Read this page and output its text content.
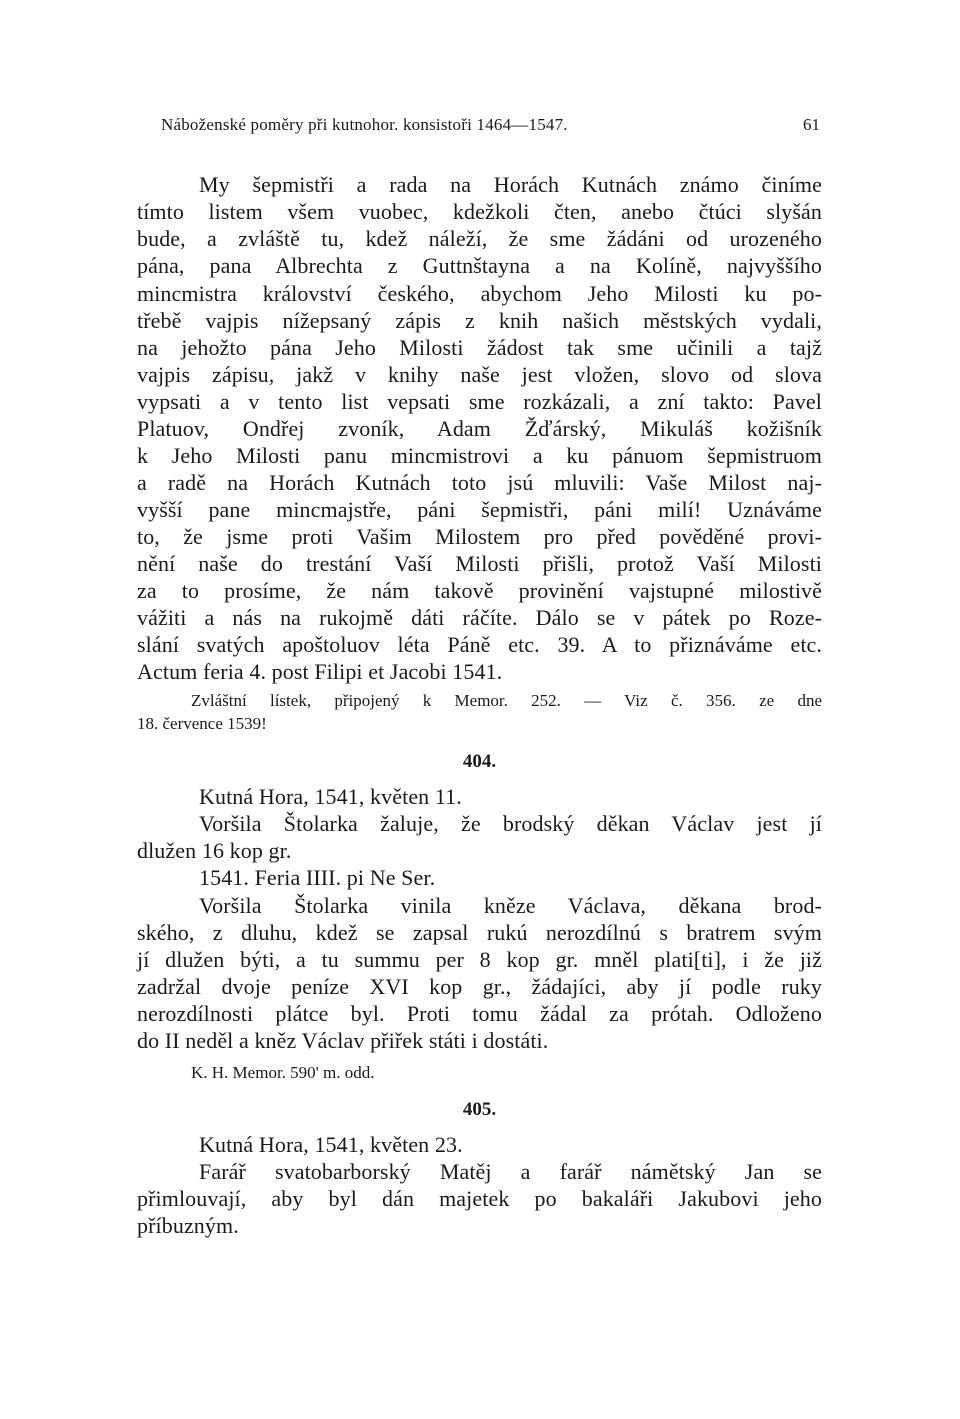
Náboženské poměry při kutnohor. konsistoři 1464—1547.	61
My šepmistři a rada na Horách Kutnách známo činíme
tímto listem všem vuobec, kdežkoli čten, anebo čtúci slyšán
bude, a zvláště tu, kdež náleží, že sme žádáni od urozeného
pána, pana Albrechta z Guttnštayna a na Kolíně, najvyššího
mincmistra království českého, abychom Jeho Milosti ku po-
třebě vajpis nížepsaný zápis z knih našich městských vydali,
na jehožto pána Jeho Milosti žádost tak sme učinili a tajž
vajpis zápisu, jakž v knihy naše jest vložen, slovo od slova
vypsati a v tento list vepsati sme rozkázali, a zní takto: Pavel
Platuov, Ondřej zvoník, Adam Žďárský, Mikuláš kožišník
k Jeho Milosti panu mincmistrovi a ku pánuom šepmistruom
a radě na Horách Kutnách toto jsú mluvili: Vaše Milost naj-
vyšší pane mincmajstře, páni šepmistři, páni milí! Uznáváme
to, že jsme proti Vašim Milostem pro před pověděné provi-
nění naše do trestání Vaší Milosti přišli, protož Vaší Milosti
za to prosíme, že nám takově provinění vajstupné milostivě
vážiti a nás na rukojmě dáti ráčíte. Dálo se v pátek po Roze-
slání svatých apoštoluov léta Páně etc. 39. A to přiznáváme etc.
Actum feria 4. post Filipi et Jacobi 1541.
Zvláštní lístek, připojený k Memor. 252. — Viz č. 356. ze dne
18. července 1539!
404.
Kutná Hora, 1541, květen 11.
Voršila Štolarka žaluje, že brodský děkan Václav jest jí
dlužen 16 kop gr.
1541. Feria IIII. pi Ne Ser.
Voršila Štolarka vinila kněze Václava, děkana brod-
ského, z dluhu, kdež se zapsal rukú nerozdílnú s bratrem svým
jí dlužen býti, a tu summu per 8 kop gr. mněl plati[ti], i že již
zadržal dvoje peníze XVI kop gr., žádajíci, aby jí podle ruky
nerozdílnosti plátce byl. Proti tomu žádal za prótah. Odloženo
do II neděl a kněz Václav přiřek státi i dostáti.
K. H. Memor. 590' m. odd.
405.
Kutná Hora, 1541, květen 23.
Farář svatobarborský Matěj a farář námětský Jan se
přimlouvají, aby byl dán majetek po bakaláři Jakubovi jeho
příbuzným.
